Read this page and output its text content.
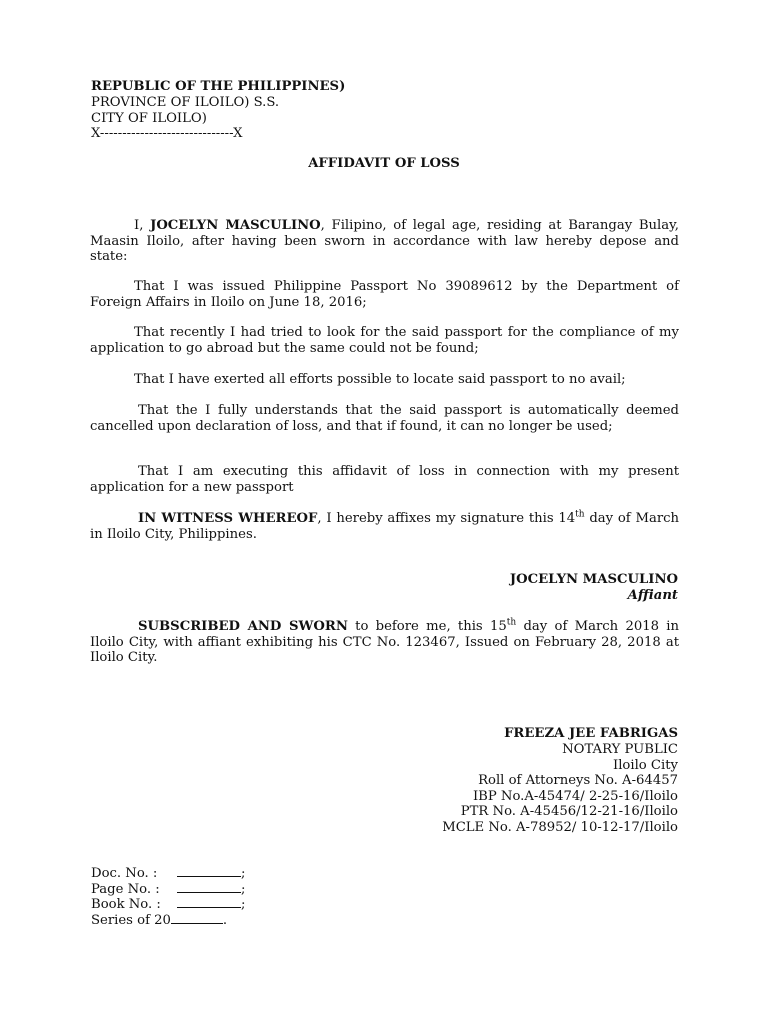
REPUBLIC OF THE PHILIPPINES)
PROVINCE OF ILOILO) S.S.
CITY OF ILOILO)
X------------------------------X
AFFIDAVIT OF LOSS
I, JOCELYN MASCULINO, Filipino, of legal age, residing at Barangay Bulay, Maasin Iloilo, after having been sworn in accordance with law hereby depose and state:
That I was issued Philippine Passport No 39089612 by the Department of Foreign Affairs in Iloilo on June 18, 2016;
That recently I had tried to look for the said passport for the compliance of my application to go abroad but the same could not be found;
That I have exerted all efforts possible to locate said passport to no avail;
That the I fully understands that the said passport is automatically deemed cancelled upon declaration of loss, and that if found, it can no longer be used;
That I am executing this affidavit of loss in connection with my present application for a new passport
IN WITNESS WHEREOF, I hereby affixes my signature this 14th day of March in Iloilo City, Philippines.
JOCELYN MASCULINO
Affiant
SUBSCRIBED AND SWORN to before me, this 15th day of March 2018 in Iloilo City, with affiant exhibiting his CTC No. 123467, Issued on February 28, 2018 at Iloilo City.
FREEZA JEE FABRIGAS
NOTARY PUBLIC
Iloilo City
Roll of Attorneys No. A-64457
IBP No.A-45474/ 2-25-16/Iloilo
PTR No. A-45456/12-21-16/Iloilo
MCLE No. A-78952/ 10-12-17/Iloilo
Doc. No. :	;
Page No. :	;
Book No. :	;
Series of 20	.
